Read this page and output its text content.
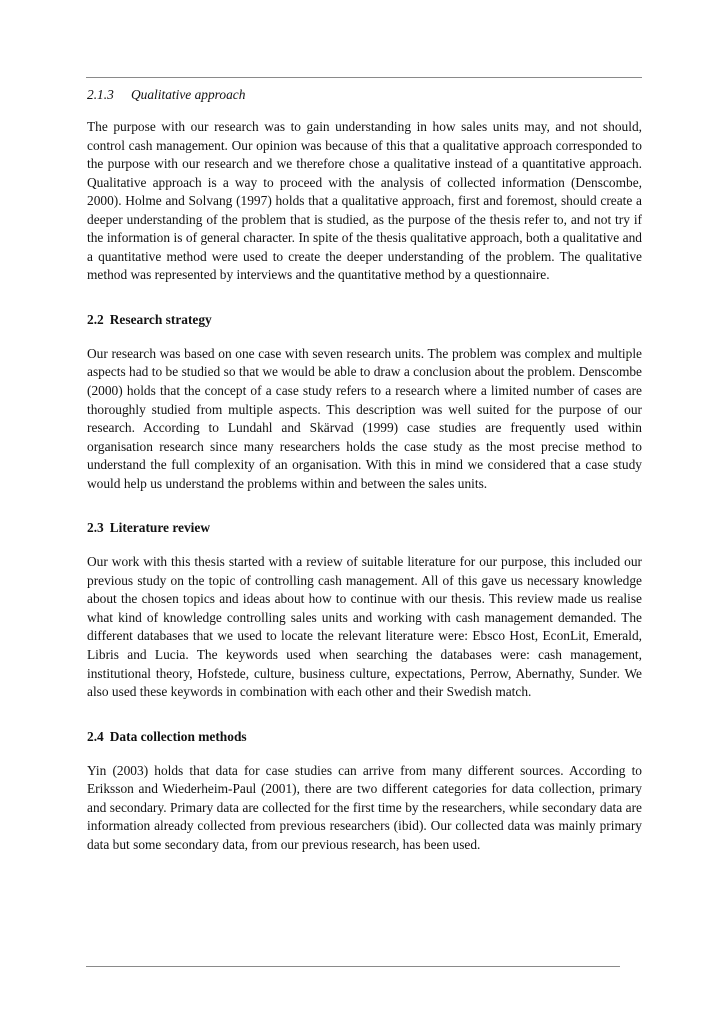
2.1.3 Qualitative approach

The purpose with our research was to gain understanding in how sales units may, and not should, control cash management. Our opinion was because of this that a qualitative approach corresponded to the purpose with our research and we therefore chose a qualitative instead of a quantitative approach. Qualitative approach is a way to proceed with the analysis of collected information (Denscombe, 2000). Holme and Solvang (1997) holds that a qualitative approach, first and foremost, should create a deeper understanding of the problem that is studied, as the purpose of the thesis refer to, and not try if the information is of general character. In spite of the thesis qualitative approach, both a qualitative and a quantitative method were used to create the deeper understanding of the problem. The qualitative method was represented by interviews and the quantitative method by a questionnaire.

2.2 Research strategy

Our research was based on one case with seven research units. The problem was complex and multiple aspects had to be studied so that we would be able to draw a conclusion about the problem. Denscombe (2000) holds that the concept of a case study refers to a research where a limited number of cases are thoroughly studied from multiple aspects. This description was well suited for the purpose of our research. According to Lundahl and Skärvad (1999) case studies are frequently used within organisation research since many researchers holds the case study as the most precise method to understand the full complexity of an organisation. With this in mind we considered that a case study would help us understand the problems within and between the sales units.

2.3 Literature review

Our work with this thesis started with a review of suitable literature for our purpose, this included our previous study on the topic of controlling cash management. All of this gave us necessary knowledge about the chosen topics and ideas about how to continue with our thesis. This review made us realise what kind of knowledge controlling sales units and working with cash management demanded. The different databases that we used to locate the relevant literature were: Ebsco Host, EconLit, Emerald, Libris and Lucia. The keywords used when searching the databases were: cash management, institutional theory, Hofstede, culture, business culture, expectations, Perrow, Abernathy, Sunder. We also used these keywords in combination with each other and their Swedish match.

2.4 Data collection methods

Yin (2003) holds that data for case studies can arrive from many different sources. According to Eriksson and Wiederheim-Paul (2001), there are two different categories for data collection, primary and secondary. Primary data are collected for the first time by the researchers, while secondary data are information already collected from previous researchers (ibid). Our collected data was mainly primary data but some secondary data, from our previous research, has been used.
